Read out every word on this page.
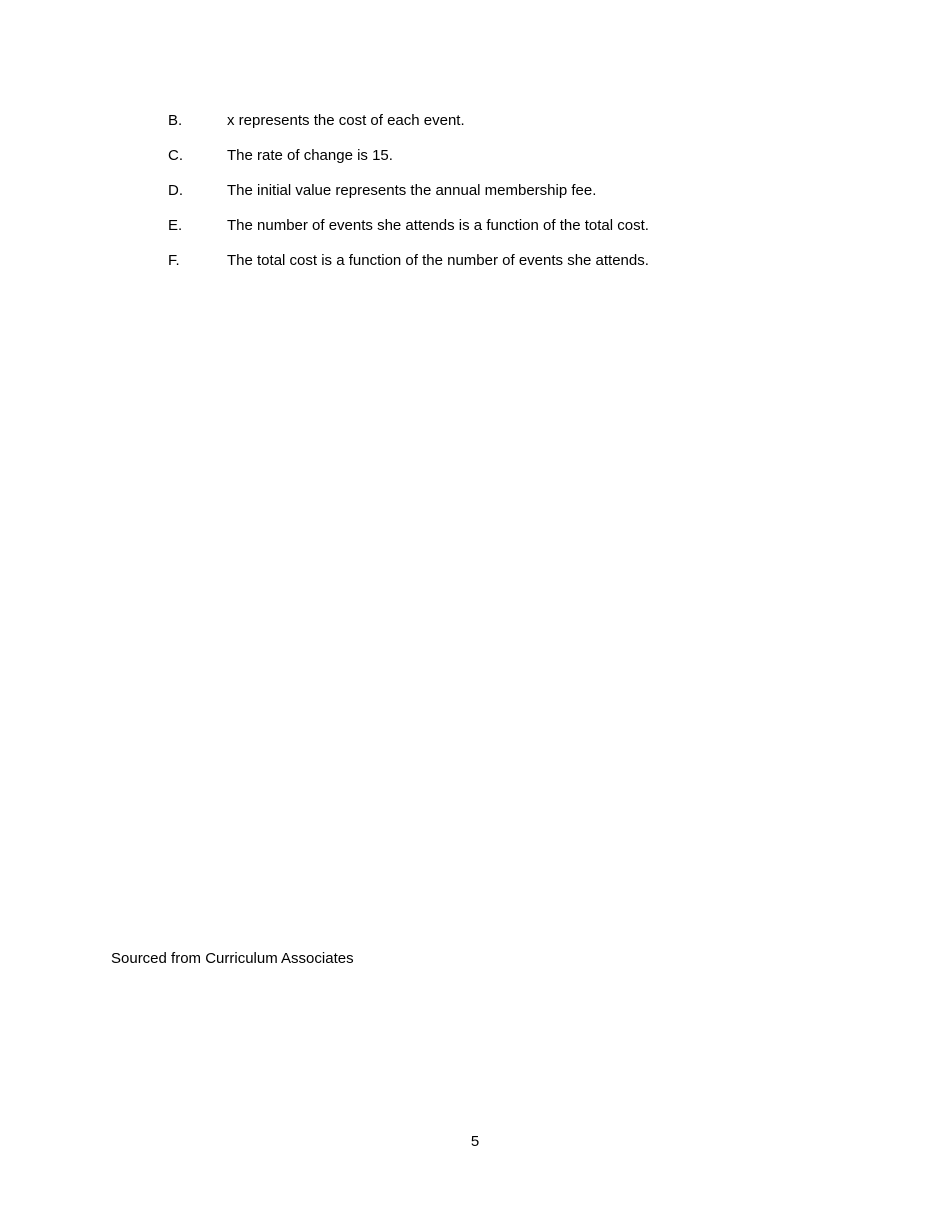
B.	x represents the cost of each event.
C.	The rate of change is 15.
D.	The initial value represents the annual membership fee.
E.	The number of events she attends is a function of the total cost.
F.	The total cost is a function of the number of events she attends.
Sourced from Curriculum Associates
5
